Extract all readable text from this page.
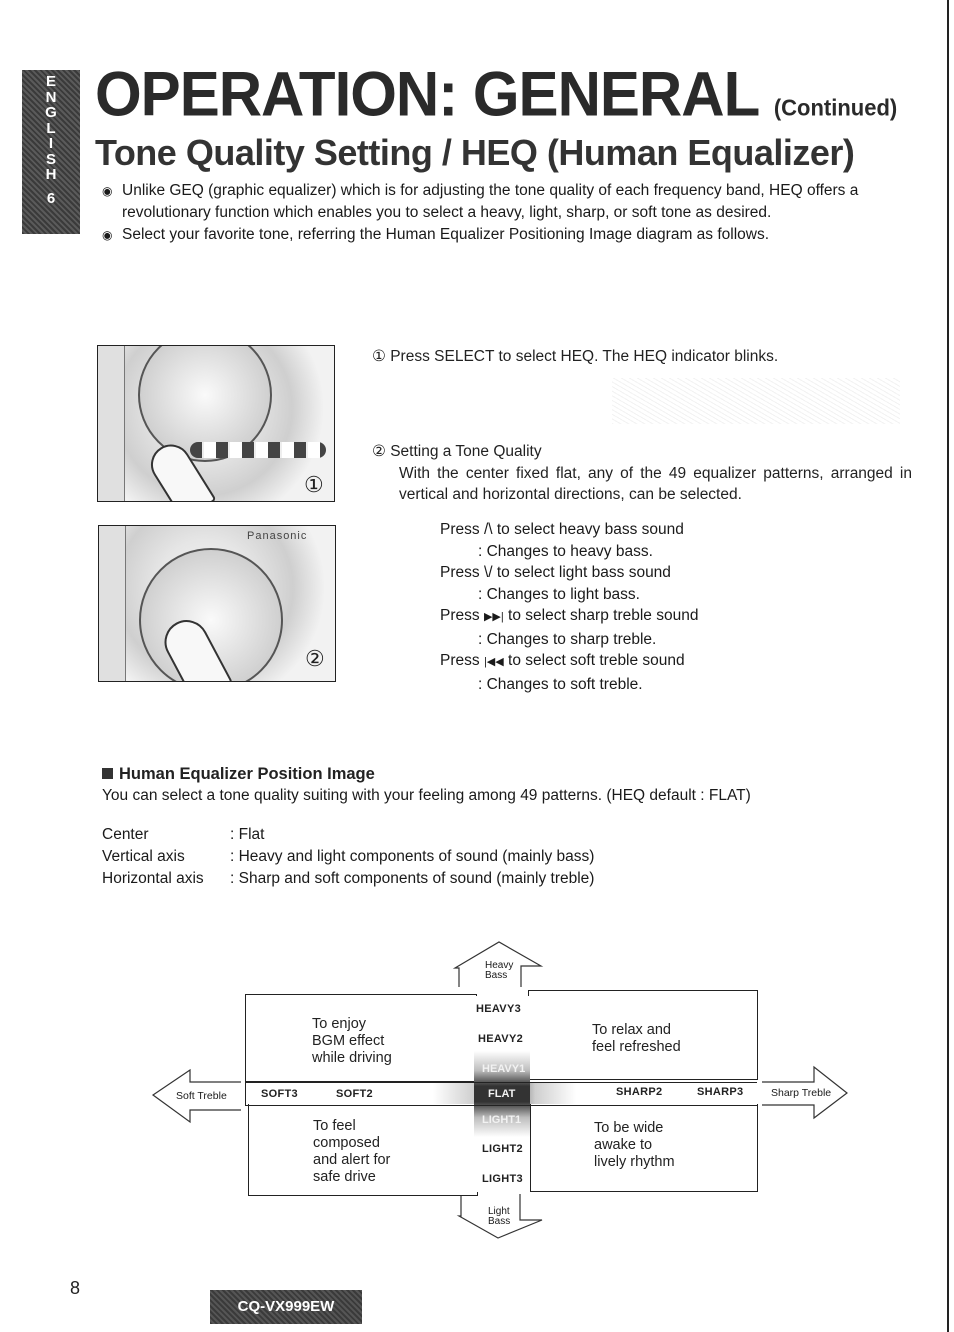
E
N
G
L
I
S
H
6
OPERATION: GENERAL (Continued)
Tone Quality Setting / HEQ (Human Equalizer)
◉ Unlike GEQ (graphic equalizer) which is for adjusting the tone quality of each frequency band, HEQ offers a revolutionary function which enables you to select a heavy, light, sharp, or soft tone as desired.
◉ Select your favorite tone, referring the Human Equalizer Positioning Image diagram as follows.
①
Panasonic
②
① Press SELECT to select HEQ. The HEQ indicator blinks.
② Setting a Tone Quality
With the center fixed flat, any of the 49 equalizer patterns, arranged in vertical and horizontal directions, can be selected.
Press /\ to select heavy bass sound
: Changes to heavy bass.
Press \/ to select light bass sound
: Changes to light bass.
Press ▶▶| to select sharp treble sound
: Changes to sharp treble.
Press |◀◀ to select soft treble sound
: Changes to soft treble.
Human Equalizer Position Image
You can select a tone quality suiting with your feeling among 49 patterns. (HEQ default : FLAT)
Center	: Flat
Vertical axis	: Heavy and light components of sound (mainly bass)
Horizontal axis	: Sharp and soft components of sound (mainly treble)
Heavy Bass
Light Bass
Soft Treble	Sharp Treble
To enjoy
BGM effect
while driving
To relax and
feel refreshed
To feel
composed
and alert for
safe drive
To be wide
awake to
lively rhythm
HEAVY3
HEAVY2
HEAVY1
FLAT
LIGHT1
LIGHT2
LIGHT3
SOFT3	SOFT2	SHARP2	SHARP3
8
CQ-VX999EW
